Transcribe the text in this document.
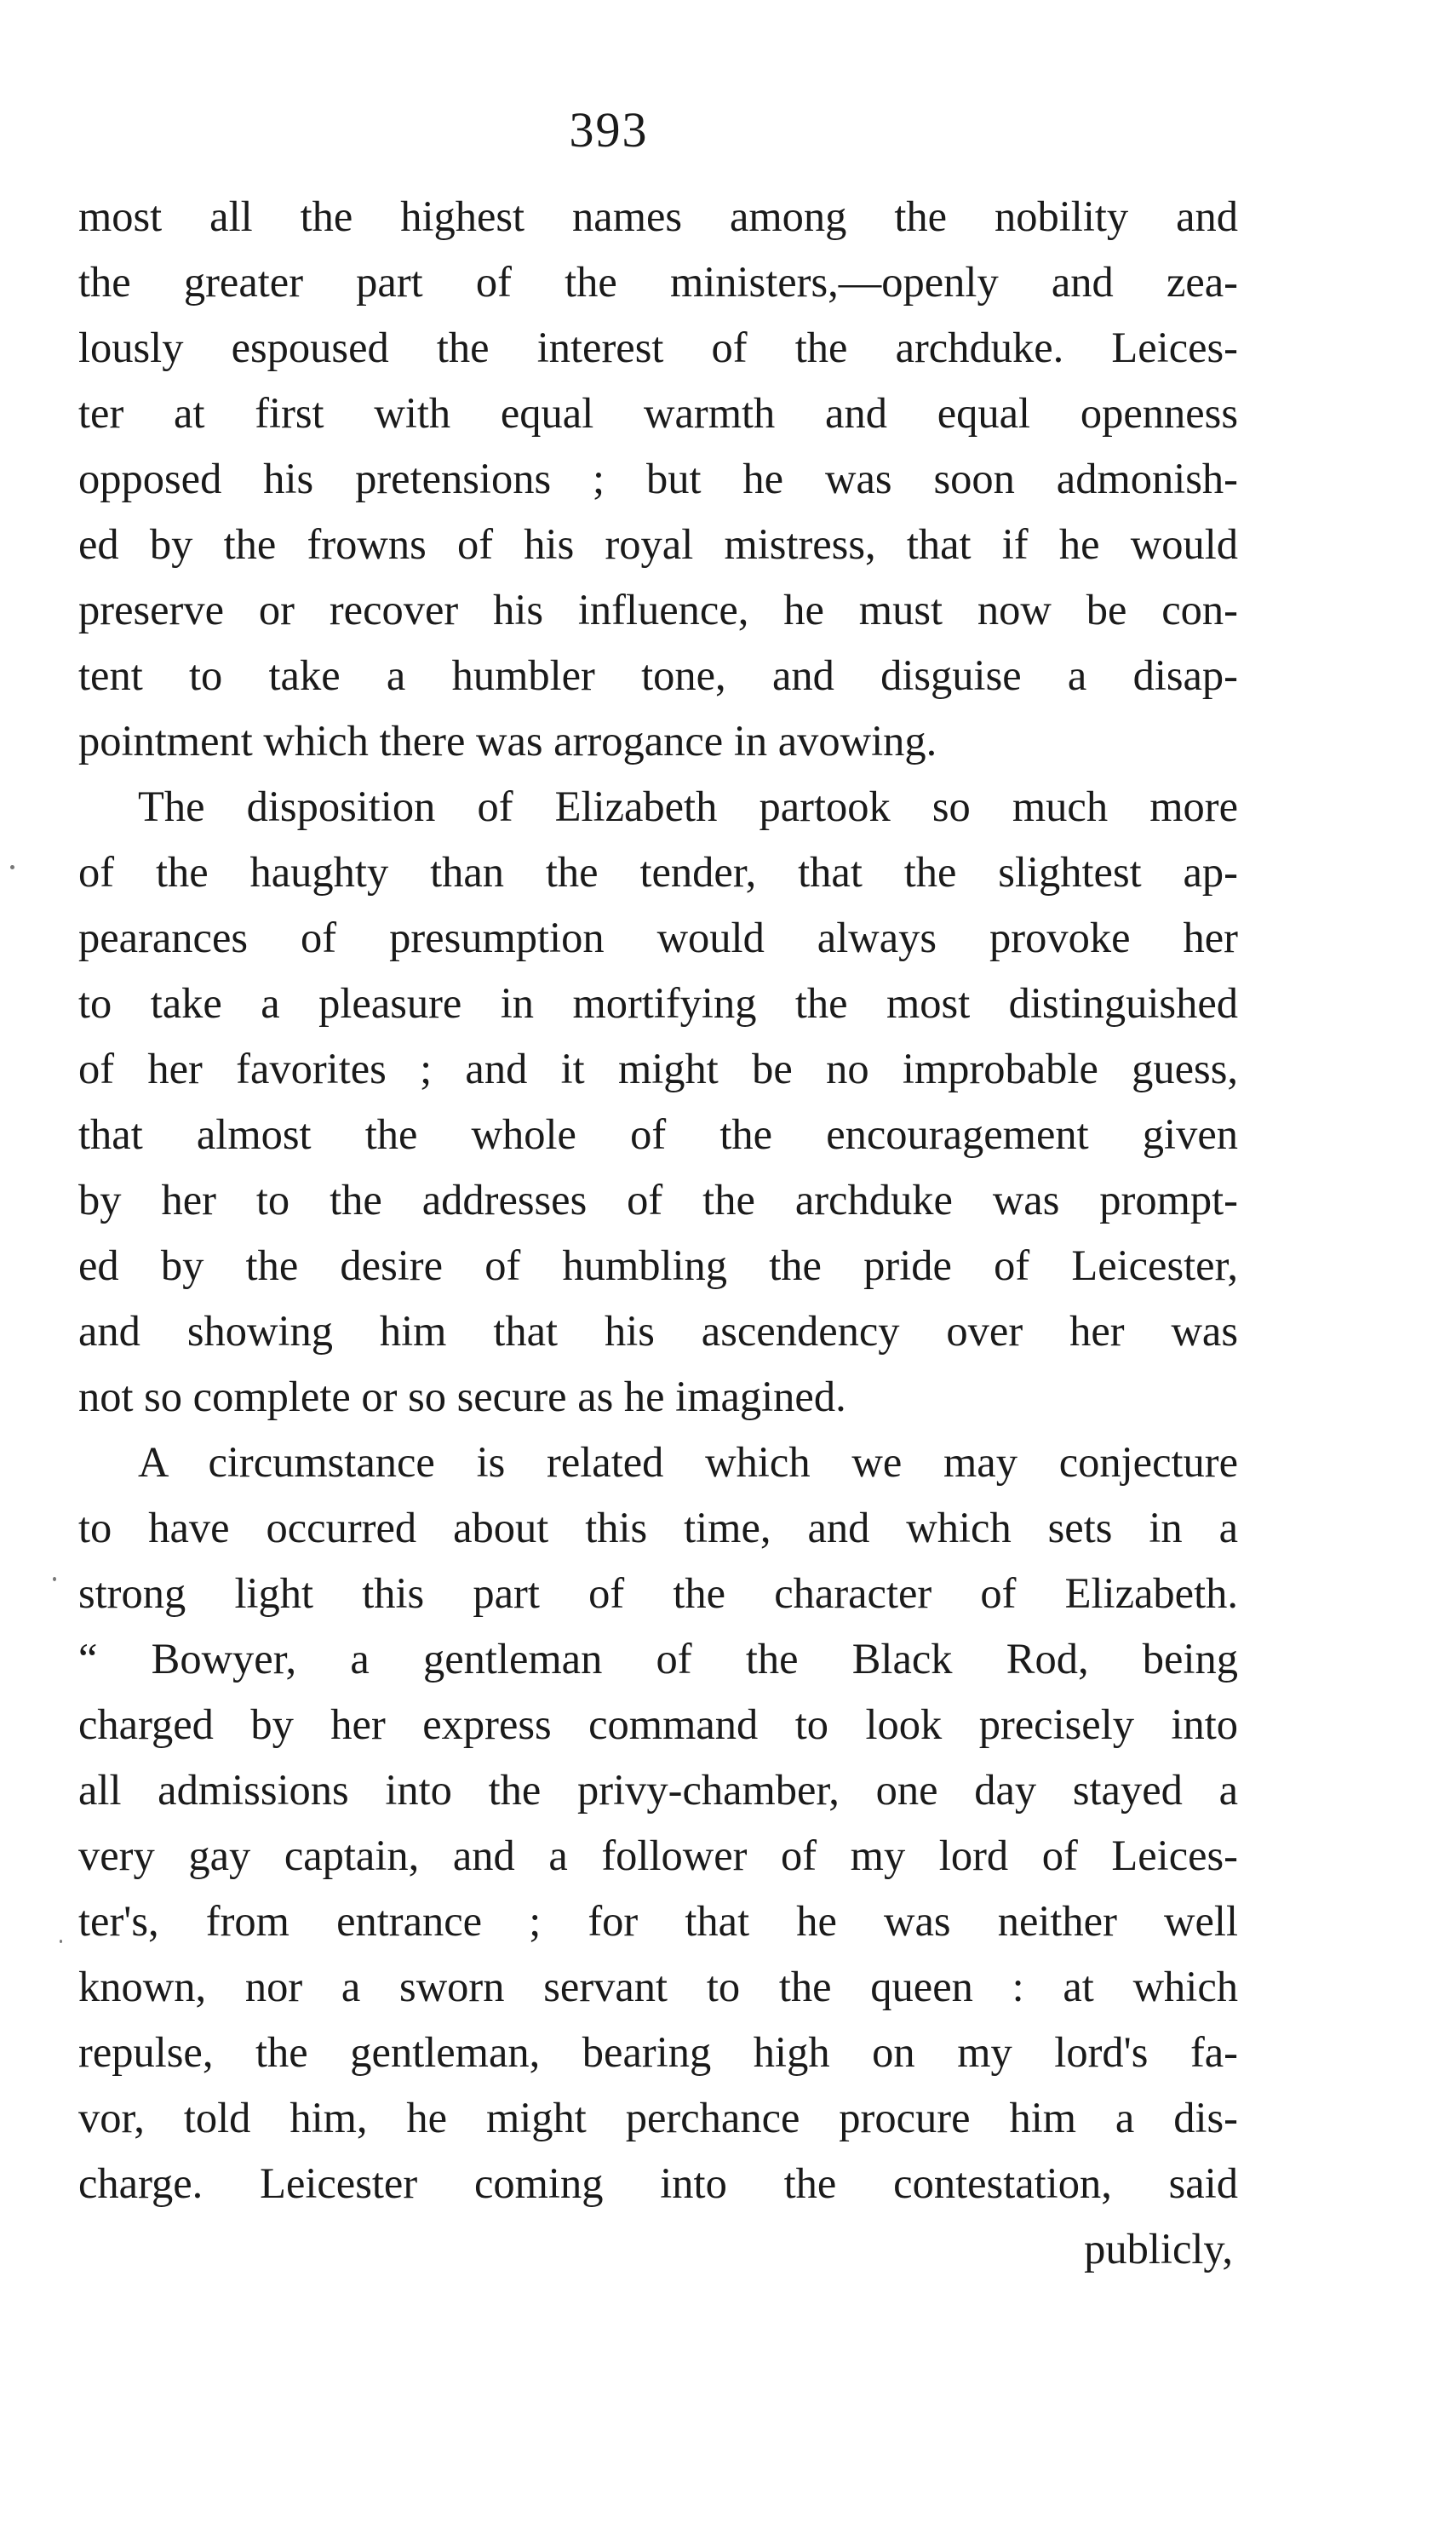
393
most all the highest names among the nobility and
the greater part of the ministers,—openly and zea-
lously espoused the interest of the archduke. Leices-
ter at first with equal warmth and equal openness
opposed his pretensions ; but he was soon admonish-
ed by the frowns of his royal mistress, that if he would
preserve or recover his influence, he must now be con-
tent to take a humbler tone, and disguise a disap-
pointment which there was arrogance in avowing.
The disposition of Elizabeth partook so much more
of the haughty than the tender, that the slightest ap-
pearances of presumption would always provoke her
to take a pleasure in mortifying the most distinguished
of her favorites ; and it might be no improbable guess,
that almost the whole of the encouragement given
by her to the addresses of the archduke was prompt-
ed by the desire of humbling the pride of Leicester,
and showing him that his ascendency over her was
not so complete or so secure as he imagined.
A circumstance is related which we may conjecture
to have occurred about this time, and which sets in a
strong light this part of the character of Elizabeth.
“ Bowyer, a gentleman of the Black Rod, being
charged by her express command to look precisely into
all admissions into the privy-chamber, one day stayed a
very gay captain, and a follower of my lord of Leices-
ter's, from entrance ; for that he was neither well
known, nor a sworn servant to the queen : at which
repulse, the gentleman, bearing high on my lord's fa-
vor, told him, he might perchance procure him a dis-
charge. Leicester coming into the contestation, said
publicly,
